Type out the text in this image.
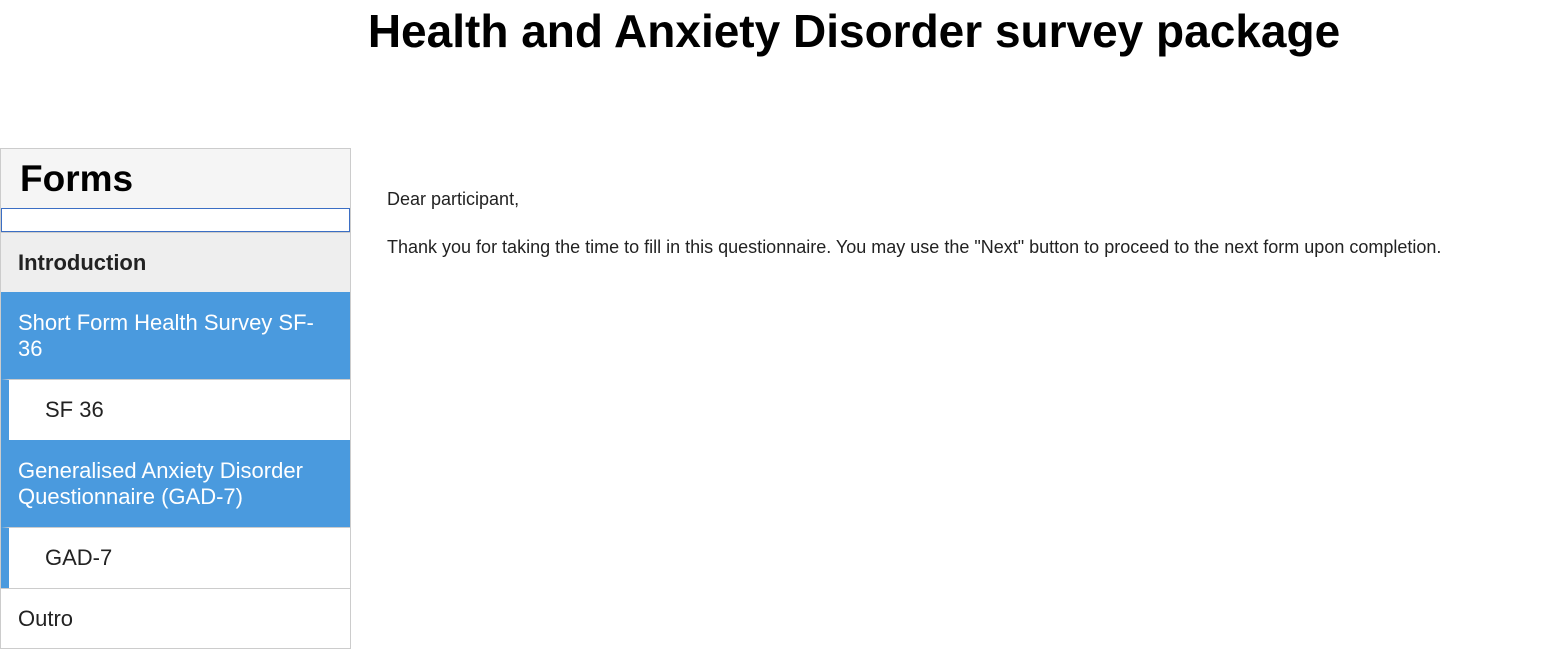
Health and Anxiety Disorder survey package
Forms
Introduction
Short Form Health Survey SF-36
SF 36
Generalised Anxiety Disorder Questionnaire (GAD-7)
GAD-7
Outro

Dear participant,

Thank you for taking the time to fill in this questionnaire. You may use the "Next" button to proceed to the next form upon completion.
